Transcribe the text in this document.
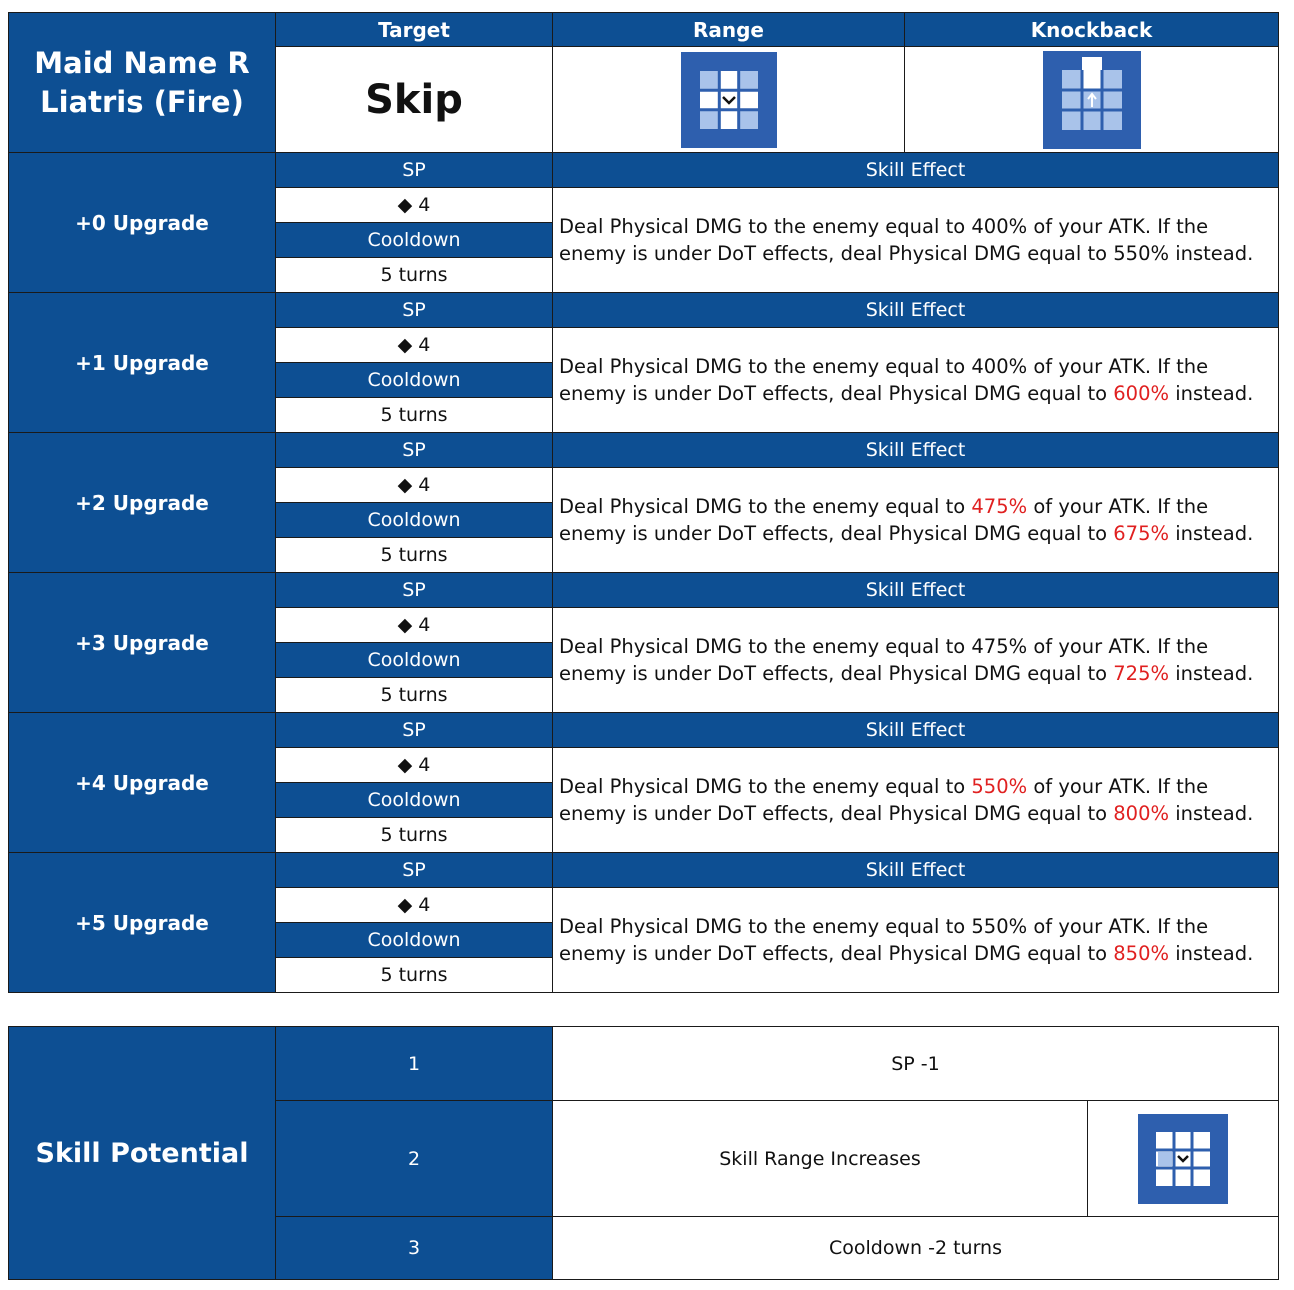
Maid Name R
Liatris (Fire)	Target	Range	Knockback
	Skip		
+0 Upgrade	SP	Skill Effect	
	◆ 4	Deal Physical DMG to the enemy equal to 400% of your ATK. If the enemy is under DoT effects, deal Physical DMG equal to 550% instead.	
	Cooldown		
	5 turns		
+1 Upgrade	SP	Skill Effect	
	◆ 4	Deal Physical DMG to the enemy equal to 400% of your ATK. If the enemy is under DoT effects, deal Physical DMG equal to 600% instead.	
	Cooldown		
	5 turns		
+2 Upgrade	SP	Skill Effect	
	◆ 4	Deal Physical DMG to the enemy equal to 475% of your ATK. If the enemy is under DoT effects, deal Physical DMG equal to 675% instead.	
	Cooldown		
	5 turns		
+3 Upgrade	SP	Skill Effect	
	◆ 4	Deal Physical DMG to the enemy equal to 475% of your ATK. If the enemy is under DoT effects, deal Physical DMG equal to 725% instead.	
	Cooldown		
	5 turns		
+4 Upgrade	SP	Skill Effect	
	◆ 4	Deal Physical DMG to the enemy equal to 550% of your ATK. If the enemy is under DoT effects, deal Physical DMG equal to 800% instead.	
	Cooldown		
	5 turns		
+5 Upgrade	SP	Skill Effect	
	◆ 4	Deal Physical DMG to the enemy equal to 550% of your ATK. If the enemy is under DoT effects, deal Physical DMG equal to 850% instead.	
	Cooldown		
	5 turns		
Skill Potential	1	SP -1	
	2	Skill Range Increases	
	3	Cooldown -2 turns	
